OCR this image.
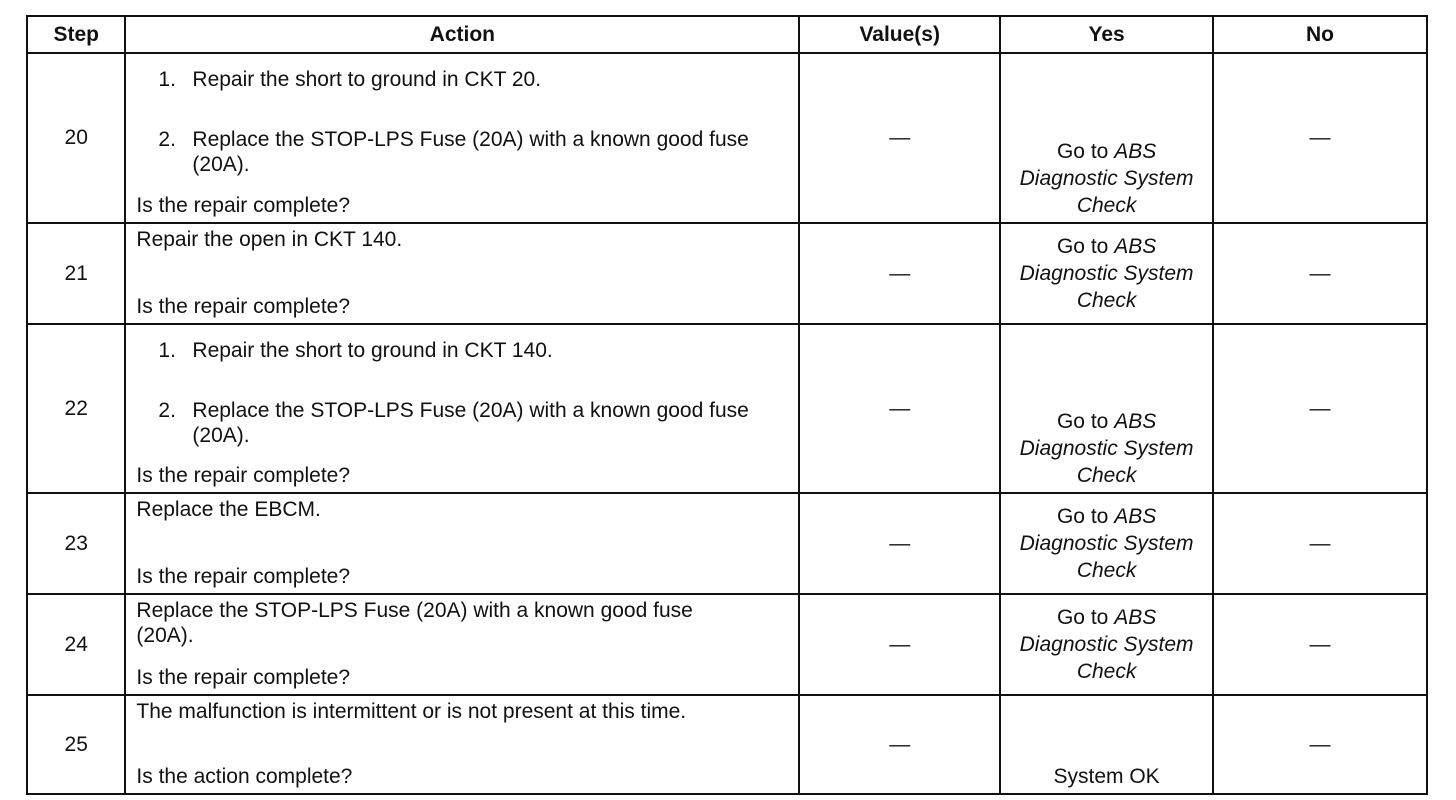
Step	Action	Value(s)	Yes	No
20	1. Repair the short to ground in CKT 20.
2. Replace the STOP-LPS Fuse (20A) with a known good fuse (20A).
Is the repair complete?	—	Go to ABS Diagnostic System Check	—
21	Repair the open in CKT 140.
Is the repair complete?	—	Go to ABS Diagnostic System Check	—
22	1. Repair the short to ground in CKT 140.
2. Replace the STOP-LPS Fuse (20A) with a known good fuse (20A).
Is the repair complete?	—	Go to ABS Diagnostic System Check	—
23	Replace the EBCM.
Is the repair complete?	—	Go to ABS Diagnostic System Check	—
24	Replace the STOP-LPS Fuse (20A) with a known good fuse (20A).
Is the repair complete?	—	Go to ABS Diagnostic System Check	—
25	The malfunction is intermittent or is not present at this time.
Is the action complete?	—	System OK	—
